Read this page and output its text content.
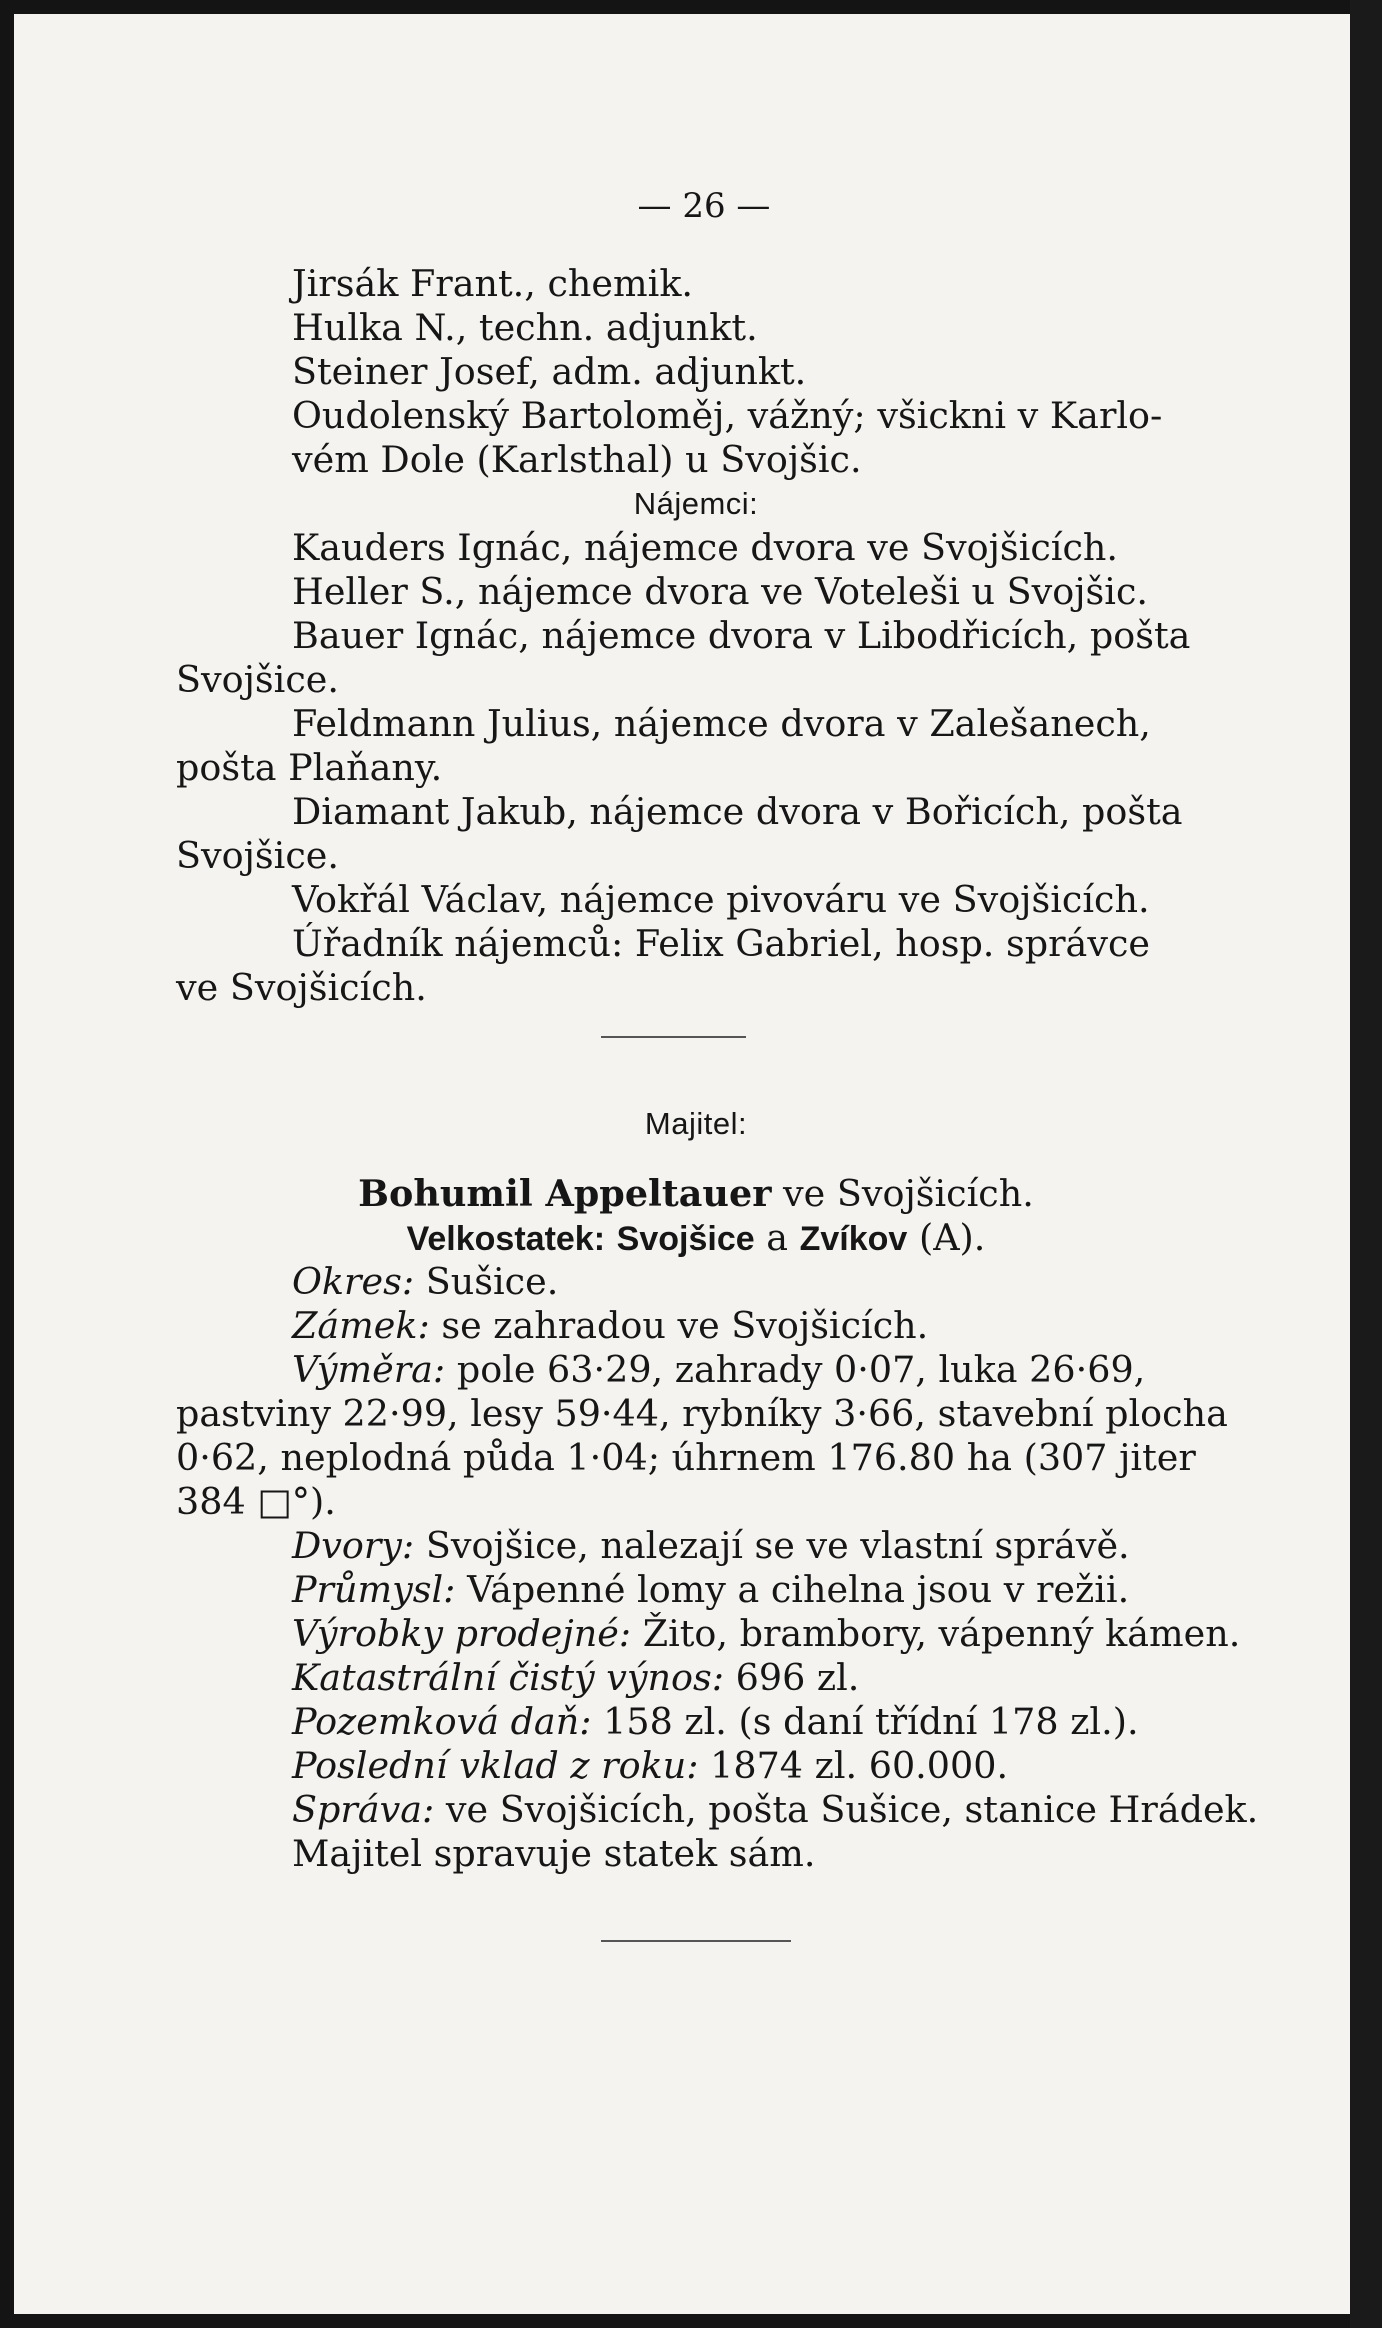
— 26 —
Jirsák Frant., chemik.
Hulka N., techn. adjunkt.
Steiner Josef, adm. adjunkt.
Oudolenský Bartoloměj, vážný; všickni v Karlo-
vém Dole (Karlsthal) u Svojšic.
Nájemci:
Kauders Ignác, nájemce dvora ve Svojšicích.
Heller S., nájemce dvora ve Voteleši u Svojšic.
Bauer Ignác, nájemce dvora v Libodřicích, pošta
Svojšice.
Feldmann Julius, nájemce dvora v Zalešanech,
pošta Plaňany.
Diamant Jakub, nájemce dvora v Bořicích, pošta
Svojšice.
Vokřál Václav, nájemce pivováru ve Svojšicích.
Úřadník nájemců: Felix Gabriel, hosp. správce
ve Svojšicích.
Majitel:
Bohumil Appeltauer ve Svojšicích.
Velkostatek: Svojšice a Zvíkov (A).
Okres: Sušice.
Zámek: se zahradou ve Svojšicích.
Výměra: pole 63·29, zahrady 0·07, luka 26·69,
pastviny 22·99, lesy 59·44, rybníky 3·66, stavební plocha
0·62, neplodná půda 1·04; úhrnem 176.80 ha (307 jiter
384 □°).
Dvory: Svojšice, nalezají se ve vlastní správě.
Průmysl: Vápenné lomy a cihelna jsou v režii.
Výrobky prodejné: Žito, brambory, vápenný kámen.
Katastrální čistý výnos: 696 zl.
Pozemková daň: 158 zl. (s daní třídní 178 zl.).
Poslední vklad z roku: 1874 zl. 60.000.
Správa: ve Svojšicích, pošta Sušice, stanice Hrádek.
Majitel spravuje statek sám.
